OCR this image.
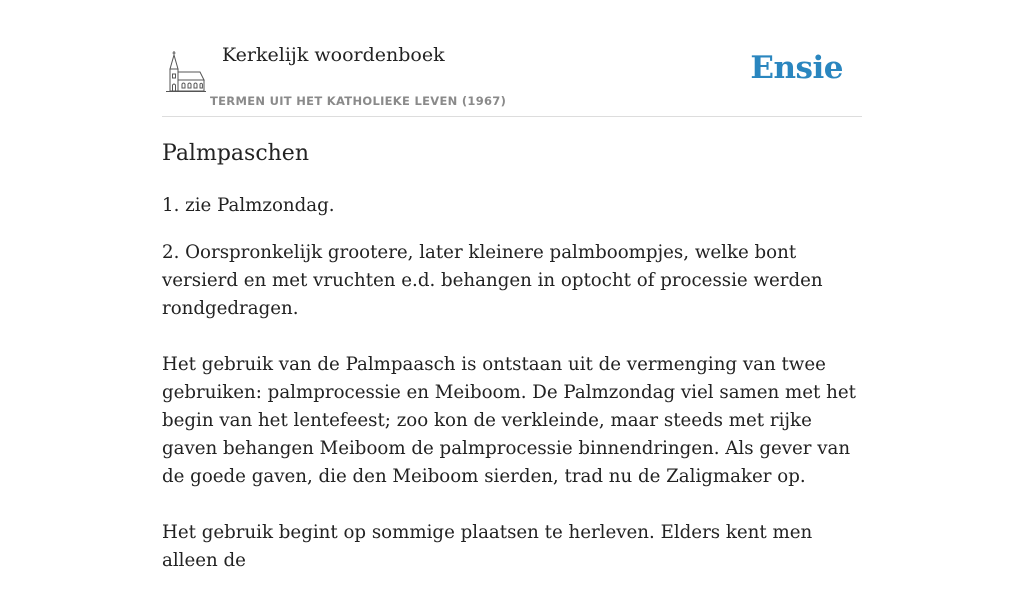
Kerkelijk woordenboek
TERMEN UIT HET KATHOLIEKE LEVEN (1967)
Ensie
Palmpaschen

1. zie Palmzondag.

2. Oorspronkelijk grootere, later kleinere palmboompjes, welke bont versierd en met vruchten e.d. behangen in optocht of processie werden rondgedragen.

Het gebruik van de Palmpaasch is ontstaan uit de vermenging van twee gebruiken: palmprocessie en Meiboom. De Palmzondag viel samen met het begin van het lentefeest; zoo kon de verkleinde, maar steeds met rijke gaven behangen Meiboom de palmprocessie binnendringen. Als gever van de goede gaven, die den Meiboom sierden, trad nu de Zaligmaker op.

Het gebruik begint op sommige plaatsen te herleven. Elders kent men alleen de
